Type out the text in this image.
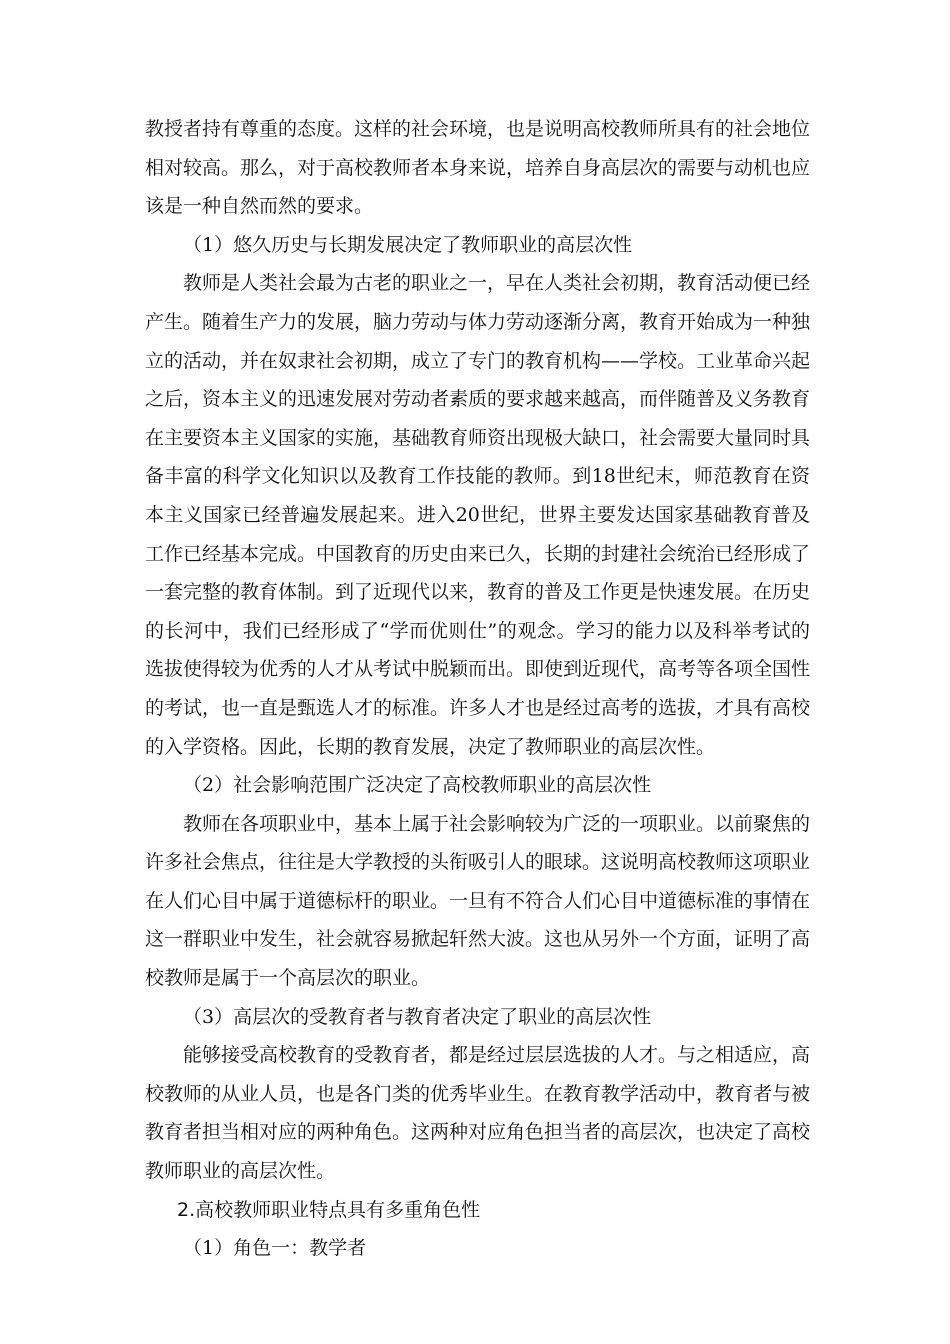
教授者持有尊重的态度。这样的社会环境，也是说明高校教师所具有的社会地位相对较高。那么，对于高校教师者本身来说，培养自身高层次的需要与动机也应该是一种自然而然的要求。

（1）悠久历史与长期发展决定了教师职业的高层次性

教师是人类社会最为古老的职业之一，早在人类社会初期，教育活动便已经产生。随着生产力的发展，脑力劳动与体力劳动逐渐分离，教育开始成为一种独立的活动，并在奴隶社会初期，成立了专门的教育机构——学校。工业革命兴起之后，资本主义的迅速发展对劳动者素质的要求越来越高，而伴随普及义务教育在主要资本主义国家的实施，基础教育师资出现极大缺口，社会需要大量同时具备丰富的科学文化知识以及教育工作技能的教师。到18世纪末，师范教育在资本主义国家已经普遍发展起来。进入20世纪，世界主要发达国家基础教育普及工作已经基本完成。中国教育的历史由来已久，长期的封建社会统治已经形成了一套完整的教育体制。到了近现代以来，教育的普及工作更是快速发展。在历史的长河中，我们已经形成了“学而优则仕”的观念。学习的能力以及科举考试的选拔使得较为优秀的人才从考试中脱颖而出。即使到近现代，高考等各项全国性的考试，也一直是甄选人才的标准。许多人才也是经过高考的选拔，才具有高校的入学资格。因此，长期的教育发展，决定了教师职业的高层次性。

（2）社会影响范围广泛决定了高校教师职业的高层次性

教师在各项职业中，基本上属于社会影响较为广泛的一项职业。以前聚焦的许多社会焦点，往往是大学教授的头衔吸引人的眼球。这说明高校教师这项职业在人们心目中属于道德标杆的职业。一旦有不符合人们心目中道德标准的事情在这一群职业中发生，社会就容易掀起轩然大波。这也从另外一个方面，证明了高校教师是属于一个高层次的职业。

（3）高层次的受教育者与教育者决定了职业的高层次性

能够接受高校教育的受教育者，都是经过层层选拔的人才。与之相适应，高校教师的从业人员，也是各门类的优秀毕业生。在教育教学活动中，教育者与被教育者担当相对应的两种角色。这两种对应角色担当者的高层次，也决定了高校教师职业的高层次性。

2.高校教师职业特点具有多重角色性

（1）角色一：教学者
